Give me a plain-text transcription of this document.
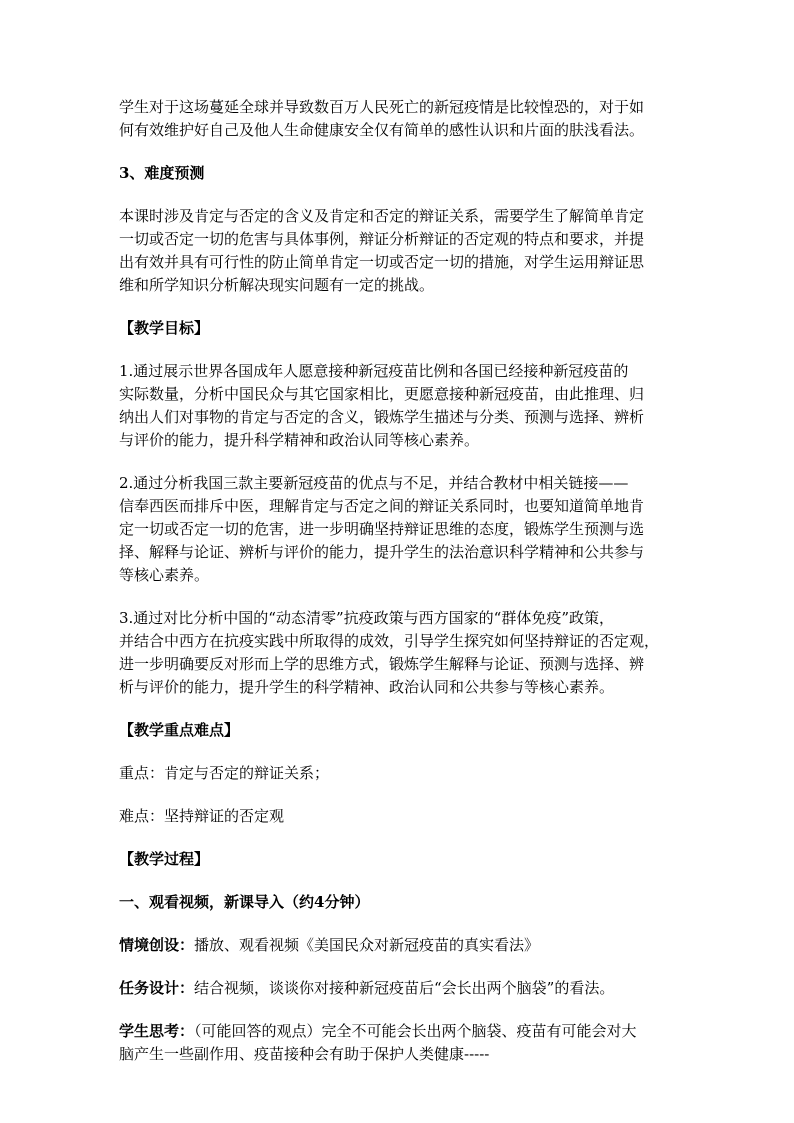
学生对于这场蔓延全球并导致数百万人民死亡的新冠疫情是比较惶恐的，对于如
何有效维护好自己及他人生命健康安全仅有简单的感性认识和片面的肤浅看法。

3、难度预测

本课时涉及肯定与否定的含义及肯定和否定的辩证关系，需要学生了解简单肯定
一切或否定一切的危害与具体事例，辩证分析辩证的否定观的特点和要求，并提
出有效并具有可行性的防止简单肯定一切或否定一切的措施，对学生运用辩证思
维和所学知识分析解决现实问题有一定的挑战。

【教学目标】

1.通过展示世界各国成年人愿意接种新冠疫苗比例和各国已经接种新冠疫苗的
实际数量，分析中国民众与其它国家相比，更愿意接种新冠疫苗，由此推理、归
纳出人们对事物的肯定与否定的含义，锻炼学生描述与分类、预测与选择、辨析
与评价的能力，提升科学精神和政治认同等核心素养。

2.通过分析我国三款主要新冠疫苗的优点与不足，并结合教材中相关链接——
信奉西医而排斥中医，理解肯定与否定之间的辩证关系同时，也要知道简单地肯
定一切或否定一切的危害，进一步明确坚持辩证思维的态度，锻炼学生预测与选
择、解释与论证、辨析与评价的能力，提升学生的法治意识科学精神和公共参与
等核心素养。

3.通过对比分析中国的“动态清零”抗疫政策与西方国家的“群体免疫”政策，
并结合中西方在抗疫实践中所取得的成效，引导学生探究如何坚持辩证的否定观，
进一步明确要反对形而上学的思维方式，锻炼学生解释与论证、预测与选择、辨
析与评价的能力，提升学生的科学精神、政治认同和公共参与等核心素养。

【教学重点难点】

重点：肯定与否定的辩证关系；

难点：坚持辩证的否定观

【教学过程】

一、观看视频，新课导入（约4分钟）

情境创设：播放、观看视频《美国民众对新冠疫苗的真实看法》

任务设计：结合视频，谈谈你对接种新冠疫苗后“会长出两个脑袋”的看法。

学生思考：（可能回答的观点）完全不可能会长出两个脑袋、疫苗有可能会对大
脑产生一些副作用、疫苗接种会有助于保护人类健康-----
